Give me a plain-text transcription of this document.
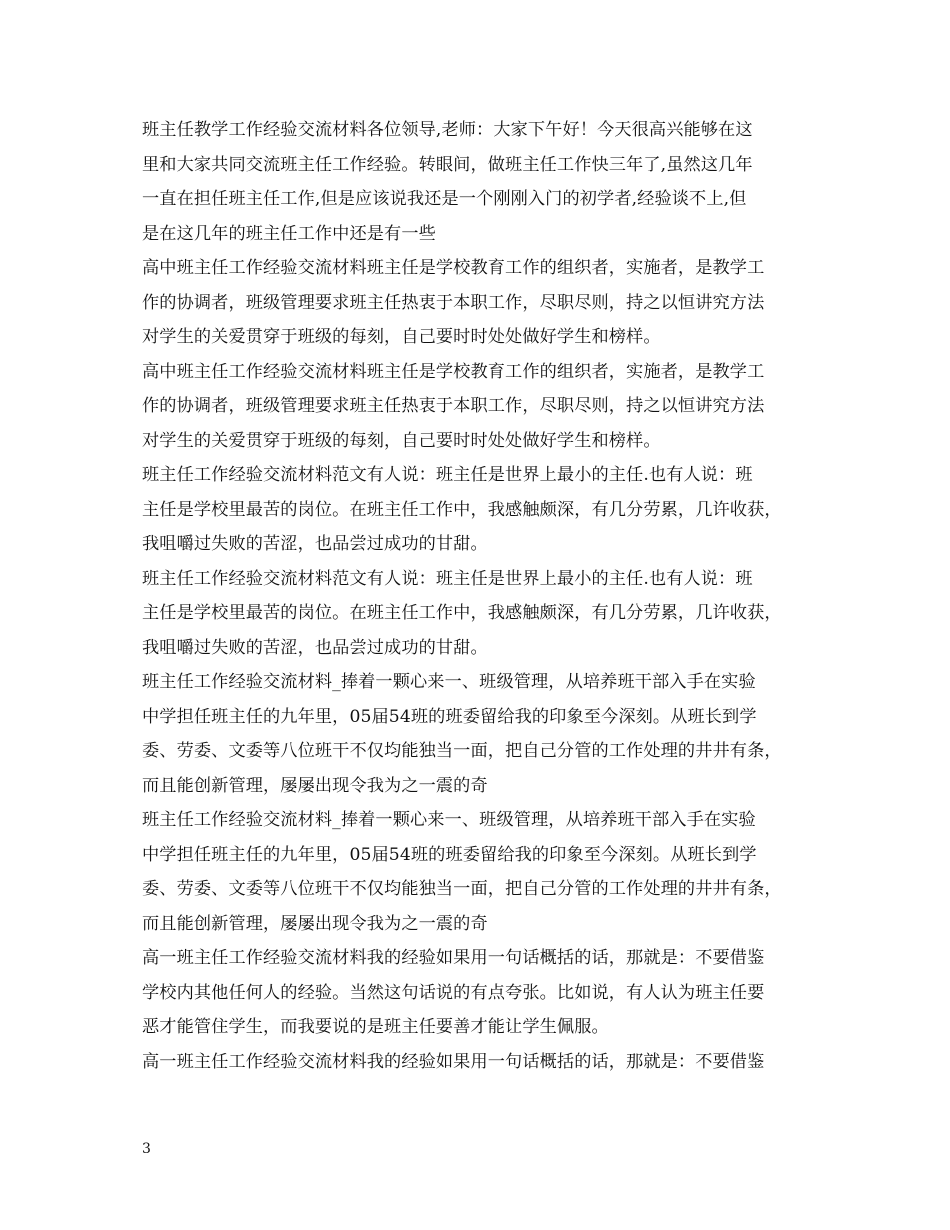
班主任教学工作经验交流材料各位领导,老师：大家下午好！今天很高兴能够在这
里和大家共同交流班主任工作经验。转眼间，做班主任工作快三年了,虽然这几年
一直在担任班主任工作,但是应该说我还是一个刚刚入门的初学者,经验谈不上,但
是在这几年的班主任工作中还是有一些

高中班主任工作经验交流材料班主任是学校教育工作的组织者，实施者，是教学工
作的协调者，班级管理要求班主任热衷于本职工作，尽职尽则，持之以恒讲究方法
对学生的关爱贯穿于班级的每刻，自己要时时处处做好学生和榜样。

高中班主任工作经验交流材料班主任是学校教育工作的组织者，实施者，是教学工
作的协调者，班级管理要求班主任热衷于本职工作，尽职尽则，持之以恒讲究方法
对学生的关爱贯穿于班级的每刻，自己要时时处处做好学生和榜样。

班主任工作经验交流材料范文有人说：班主任是世界上最小的主任.也有人说：班
主任是学校里最苦的岗位。在班主任工作中，我感触颇深，有几分劳累，几许收获，
我咀嚼过失败的苦涩，也品尝过成功的甘甜。

班主任工作经验交流材料范文有人说：班主任是世界上最小的主任.也有人说：班
主任是学校里最苦的岗位。在班主任工作中，我感触颇深，有几分劳累，几许收获，
我咀嚼过失败的苦涩，也品尝过成功的甘甜。

班主任工作经验交流材料_捧着一颗心来一、班级管理，从培养班干部入手在实验
中学担任班主任的九年里，05届54班的班委留给我的印象至今深刻。从班长到学
委、劳委、文委等八位班干不仅均能独当一面，把自己分管的工作处理的井井有条，
而且能创新管理，屡屡出现令我为之一震的奇

班主任工作经验交流材料_捧着一颗心来一、班级管理，从培养班干部入手在实验
中学担任班主任的九年里，05届54班的班委留给我的印象至今深刻。从班长到学
委、劳委、文委等八位班干不仅均能独当一面，把自己分管的工作处理的井井有条，
而且能创新管理，屡屡出现令我为之一震的奇

高一班主任工作经验交流材料我的经验如果用一句话概括的话，那就是：不要借鉴
学校内其他任何人的经验。当然这句话说的有点夸张。比如说，有人认为班主任要
恶才能管住学生，而我要说的是班主任要善才能让学生佩服。

高一班主任工作经验交流材料我的经验如果用一句话概括的话，那就是：不要借鉴

3
